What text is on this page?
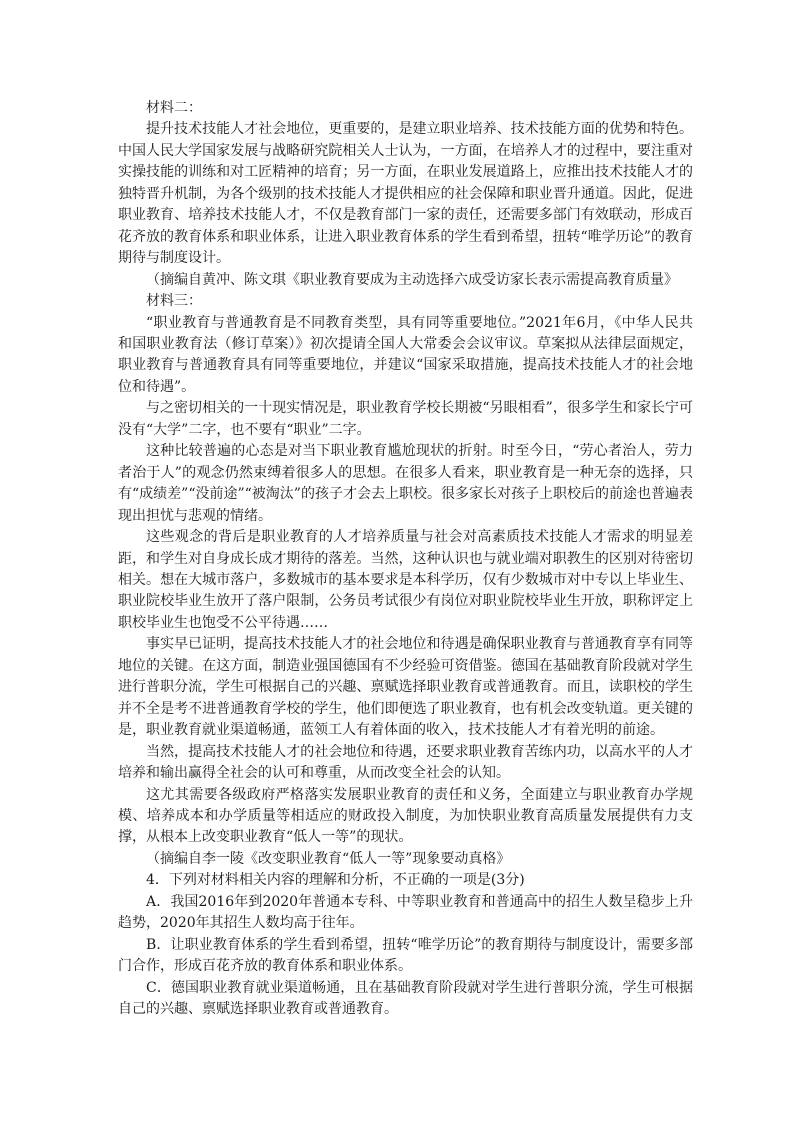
材料二：

提升技术技能人才社会地位，更重要的，是建立职业培养、技术技能方面的优势和特色。中国人民大学国家发展与战略研究院相关人士认为，一方面，在培养人才的过程中，要注重对实操技能的训练和对工匠精神的培育；另一方面，在职业发展道路上，应推出技术技能人才的独特晋升机制，为各个级别的技术技能人才提供相应的社会保障和职业晋升通道。因此，促进职业教育、培养技术技能人才，不仅是教育部门一家的责任，还需要多部门有效联动，形成百花齐放的教育体系和职业体系，让进入职业教育体系的学生看到希望，扭转“唯学历论”的教育期待与制度设计。

（摘编自黄冲、陈文琪《职业教育要成为主动选择六成受访家长表示需提高教育质量》

材料三：

“职业教育与普通教育是不同教育类型，具有同等重要地位。”2021年6月，《中华人民共和国职业教育法（修订草案）》初次提请全国人大常委会会议审议。草案拟从法律层面规定，职业教育与普通教育具有同等重要地位，并建议“国家采取措施，提高技术技能人才的社会地位和待遇”。

与之密切相关的一十现实情况是，职业教育学校长期被“另眼相看”，很多学生和家长宁可没有“大学”二字，也不要有“职业”二字。

这种比较普遍的心态是对当下职业教育尴尬现状的折射。时至今日，“劳心者治人，劳力者治于人”的观念仍然束缚着很多人的思想。在很多人看来，职业教育是一种无奈的选择，只有“成绩差”“没前途”“被淘汰”的孩子才会去上职校。很多家长对孩子上职校后的前途也普遍表现出担忧与悲观的情绪。

这些观念的背后是职业教育的人才培养质量与社会对高素质技术技能人才需求的明显差距，和学生对自身成长成才期待的落差。当然，这种认识也与就业端对职教生的区别对待密切相关。想在大城市落户，多数城市的基本要求是本科学历，仅有少数城市对中专以上毕业生、职业院校毕业生放开了落户限制，公务员考试很少有岗位对职业院校毕业生开放，职称评定上职校毕业生也饱受不公平待遇……

事实早已证明，提高技术技能人才的社会地位和待遇是确保职业教育与普通教育享有同等地位的关键。在这方面，制造业强国德国有不少经验可资借鉴。德国在基础教育阶段就对学生进行普职分流，学生可根据自己的兴趣、禀赋选择职业教育或普通教育。而且，读职校的学生并不全是考不进普通教育学校的学生，他们即便选了职业教育，也有机会改变轨道。更关键的是，职业教育就业渠道畅通，蓝领工人有着体面的收入，技术技能人才有着光明的前途。

当然，提高技术技能人才的社会地位和待遇，还要求职业教育苦练内功，以高水平的人才培养和输出赢得全社会的认可和尊重，从而改变全社会的认知。

这尤其需要各级政府严格落实发展职业教育的责任和义务，全面建立与职业教育办学规模、培养成本和办学质量等相适应的财政投入制度，为加快职业教育高质量发展提供有力支撑，从根本上改变职业教育“低人一等”的现状。

（摘编自李一陵《改变职业教育“低人一等”现象要动真格》

4．下列对材料相关内容的理解和分析，不正确的一项是(3分)

A．我国2016年到2020年普通本专科、中等职业教育和普通高中的招生人数呈稳步上升趋势，2020年其招生人数均高于往年。

B．让职业教育体系的学生看到希望，扭转“唯学历论”的教育期待与制度设计，需要多部门合作，形成百花齐放的教育体系和职业体系。

C．德国职业教育就业渠道畅通，且在基础教育阶段就对学生进行普职分流，学生可根据自己的兴趣、禀赋选择职业教育或普通教育。
